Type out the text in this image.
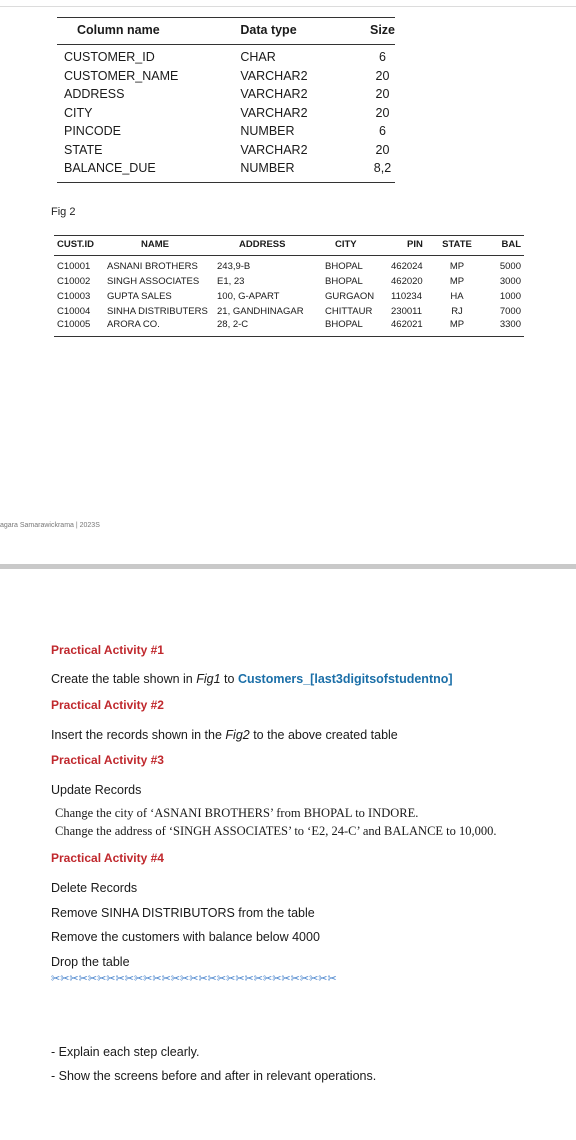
Column name	Data type	Size
CUSTOMER_ID	CHAR	6
CUSTOMER_NAME	VARCHAR2	20
ADDRESS	VARCHAR2	20
CITY	VARCHAR2	20
PINCODE	NUMBER	6
STATE	VARCHAR2	20
BALANCE_DUE	NUMBER	8,2
Fig 2
CUST.ID	NAME	ADDRESS	CITY	PIN	STATE	BAL
C10001	ASNANI BROTHERS	243,9-B	BHOPAL	462024	MP	5000
C10002	SINGH ASSOCIATES	E1, 23	BHOPAL	462020	MP	3000
C10003	GUPTA SALES	100, G-APART	GURGAON	110234	HA	1000
C10004	SINHA DISTRIBUTERS	21, GANDHINAGAR	CHITTAUR	230011	RJ	7000
C10005	ARORA CO.	28, 2-C	BHOPAL	462021	MP	3300
agara Samarawickrama | 2023S
Practical Activity #1
Create the table shown in Fig1 to Customers_[last3digitsofstudentno]
Practical Activity #2
Insert the records shown in the Fig2 to the above created table
Practical Activity #3
Update Records
Change the city of ‘ASNANI BROTHERS’ from BHOPAL to INDORE.
Change the address of ‘SINGH ASSOCIATES’ to ‘E2, 24-C’ and BALANCE to 10,000.
Practical Activity #4
Delete Records
Remove SINHA DISTRIBUTORS from the table
Remove the customers with balance below 4000
Drop the table
✂✂✂✂✂✂✂✂✂✂✂✂✂✂✂✂✂✂✂✂✂✂✂✂✂✂✂✂✂✂✂
- Explain each step clearly.
- Show the screens before and after in relevant operations.
